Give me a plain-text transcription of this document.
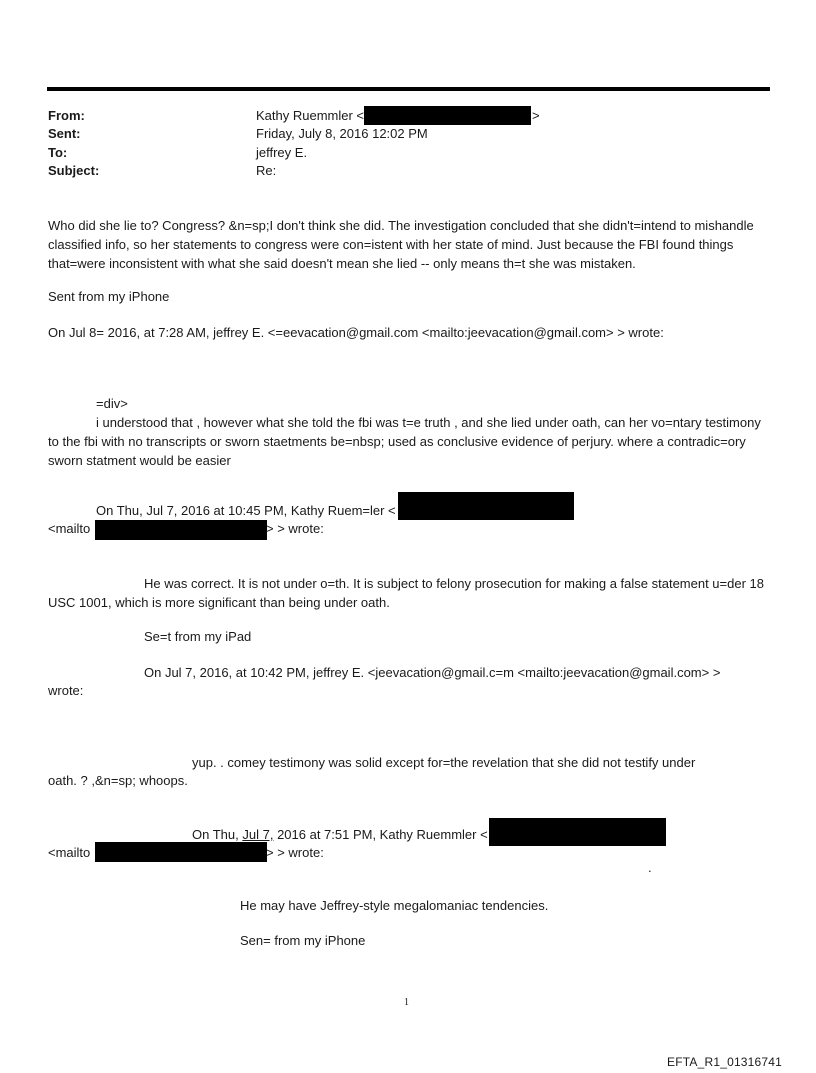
From:	Kathy Ruemmler <	>
Sent:	Friday, July 8, 2016 12:02 PM
To:	jeffrey E.
Subject:	Re:
Who did she lie to? Congress? &n=sp;I don't think she did. The investigation concluded that she didn't=intend to mishandle classified info, so her statements to congress were con=istent with her state of mind. Just because the FBI found things that=were inconsistent with what she said doesn't mean she lied -- only means th=t she was mistaken.
Sent from my iPhone
On Jul 8= 2016, at 7:28 AM, jeffrey E. <=eevacation@gmail.com <mailto:jeevacation@gmail.com> > wrote:
=div>
i understood that , however what she told the fbi was t=e truth , and she lied under oath, can her vo=ntary testimony to the fbi with no transcripts or sworn staetments be=nbsp; used as conclusive evidence of perjury. where a contradic=ory sworn statment would be easier
On Thu, Jul 7, 2016 at 10:45 PM, Kathy Ruem=ler <
<mailto	> > wrote:
He was correct. It is not under o=th. It is subject to felony prosecution for making a false statement u=der 18 USC 1001, which is more significant than being under oath.
Se=t from my iPad
On Jul 7, 2016, at 10:42 PM, jeffrey E. <jeevacation@gmail.c=m <mailto:jeevacation@gmail.com> >
wrote:
yup. . comey testimony was solid except for=the revelation that she did not testify under
oath. ? ,&n=sp; whoops.
On Thu, Jul 7, 2016 at 7:51 PM, Kathy Ruemmler <
<mailto	> > wrote:
.
He may have Jeffrey-style megalomaniac tendencies.
Sen= from my iPhone
1
EFTA_R1_01316741
